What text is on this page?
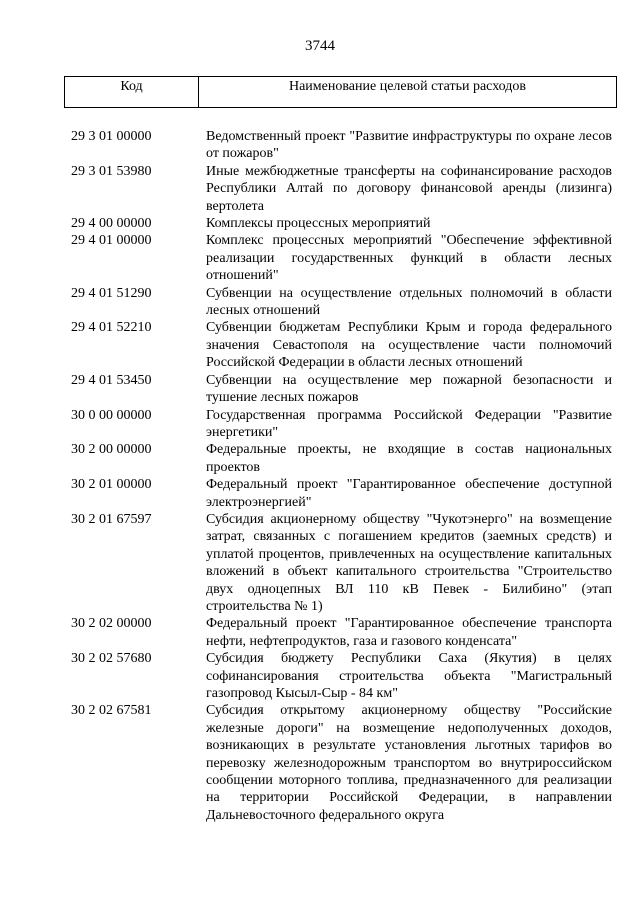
3744
Код	Наименование целевой статьи расходов
29 3 01 00000	Ведомственный проект "Развитие инфраструктуры по охране лесов от пожаров"
29 3 01 53980	Иные межбюджетные трансферты на софинансирование расходов Республики Алтай по договору финансовой аренды (лизинга) вертолета
29 4 00 00000	Комплексы процессных мероприятий
29 4 01 00000	Комплекс процессных мероприятий "Обеспечение эффективной реализации государственных функций в области лесных отношений"
29 4 01 51290	Субвенции на осуществление отдельных полномочий в области лесных отношений
29 4 01 52210	Субвенции бюджетам Республики Крым и города федерального значения Севастополя на осуществление части полномочий Российской Федерации в области лесных отношений
29 4 01 53450	Субвенции на осуществление мер пожарной безопасности и тушение лесных пожаров
30 0 00 00000	Государственная программа Российской Федерации "Развитие энергетики"
30 2 00 00000	Федеральные проекты, не входящие в состав национальных проектов
30 2 01 00000	Федеральный проект "Гарантированное обеспечение доступной электроэнергией"
30 2 01 67597	Субсидия акционерному обществу "Чукотэнерго" на возмещение затрат, связанных с погашением кредитов (заемных средств) и уплатой процентов, привлеченных на осуществление капитальных вложений в объект капитального строительства "Строительство двух одноцепных ВЛ 110 кВ Певек - Билибино" (этап строительства № 1)
30 2 02 00000	Федеральный проект "Гарантированное обеспечение транспорта нефти, нефтепродуктов, газа и газового конденсата"
30 2 02 57680	Субсидия бюджету Республики Саха (Якутия) в целях софинансирования строительства объекта "Магистральный газопровод Кысыл-Сыр - 84 км"
30 2 02 67581	Субсидия открытому акционерному обществу "Российские железные дороги" на возмещение недополученных доходов, возникающих в результате установления льготных тарифов во перевозку железнодорожным транспортом во внутрироссийском сообщении моторного топлива, предназначенного для реализации на территории Российской Федерации, в направлении Дальневосточного федерального округа
